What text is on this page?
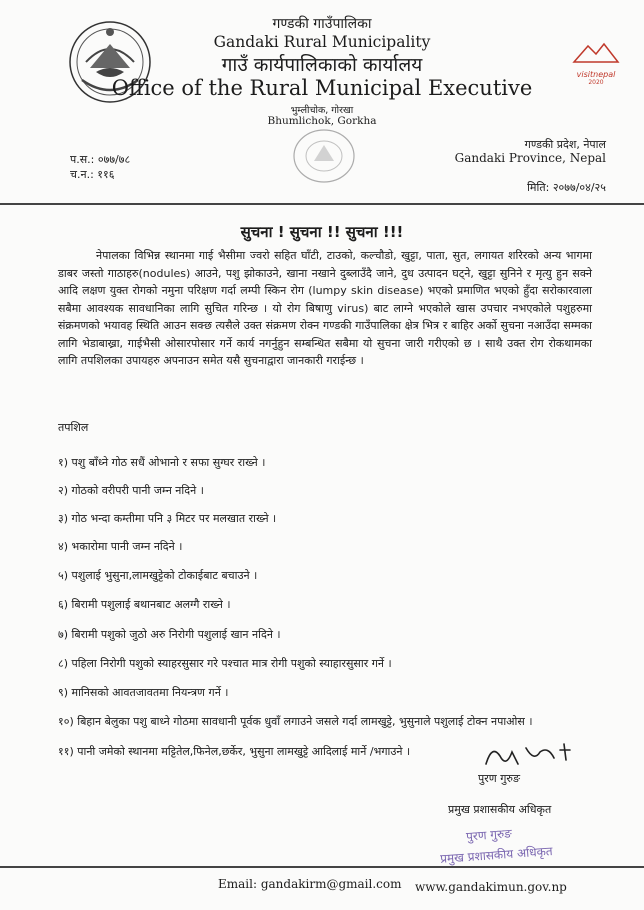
visitnepal
2020
गण्डकी गाउँपालिका
Gandaki Rural Municipality
गाउँ कार्यपालिकाको कार्यालय
Office of the Rural Municipal Executive
भुम्लीचोक, गोरखा
Bhumlichok, Gorkha
प.स.: ०७७/७८
च.न.: ११६
गण्डकी प्रदेश, नेपाल
Gandaki Province, Nepal
मिति: २०७७/०४/२५
सुचना ! सुचना !! सुचना !!!
नेपालका विभिन्न स्थानमा गाई भैसीमा ज्वरो सहित घाँटी, टाउको, कल्चौडो, खुट्टा, पाता, सुत, लगायत शरिरको अन्य भागमा डाबर जस्तो गाठाहरु(nodules) आउने, पशु झोकाउने, खाना नखाने दुब्लाउँदै जाने, दुध उत्पादन घट्ने, खुट्टा सुनिने र मृत्यु हुन सक्ने आदि लक्षण युक्त रोगको नमुना परिक्षण गर्दा लम्पी स्किन रोग (lumpy skin disease) भएको प्रमाणित भएको हुँदा सरोकारवाला सबैमा आवश्यक सावधानिका लागि सुचित गरिन्छ । यो रोग बिषाणु virus) बाट लाग्ने भएकोले खास उपचार नभएकोले पशुहरुमा संक्रमणको भयावह स्थिति आउन सक्छ त्यसैले उक्त संक्रमण रोक्न गण्डकी गाउँपालिका क्षेत्र भित्र र बाहिर अर्को सुचना नआउँदा सम्मका लागि भेडाबाख्रा, गाईभैसी ओसारपोसार गर्ने कार्य नगर्नुहुन सम्बन्धित सबैमा यो सुचना जारी गरीएको छ । साथै उक्त रोग रोकथामका लागि तपशिलका उपायहरु अपनाउन समेत यसै सुचनाद्वारा जानकारी गराईन्छ ।
तपशिल
१) पशु बाँध्ने गोठ सधैं ओभानो र सफा सुग्घर राख्ने ।
२) गोठको वरीपरी पानी जम्न नदिने ।
३) गोठ भन्दा कम्तीमा पनि ३ मिटर पर मलखात राख्ने ।
४) भकारोमा पानी जम्न नदिने ।
५) पशुलाई भुसुना,लामखुट्टेको टोकाईबाट बचाउने ।
६) बिरामी पशुलाई बथानबाट अलग्गै राख्ने ।
७) बिरामी पशुको जुठो अरु निरोगी पशुलाई खान नदिने ।
८) पहिला निरोगी पशुको स्याहरसुसार गरे पश्चात मात्र रोगी पशुको स्याहारसुसार गर्ने ।
९) मानिसको आवतजावतमा नियन्त्रण गर्ने ।
१०) बिहान बेलुका पशु बाध्ने गोठमा सावधानी पूर्वक धुवाँ लगाउने जसले गर्दा लामखुट्टे, भुसुनाले पशुलाई टोक्न नपाओस ।
११) पानी जमेको स्थानमा मट्टितेल,फिनेल,छर्केर, भुसुना लामखुट्टे आदिलाई मार्ने /भगाउने ।
पुरण गुरुङ
प्रमुख प्रशासकीय अधिकृत
पुरण गुरुङ
प्रमुख प्रशासकीय अधिकृत
Email: gandakirm@gmail.com www.gandakimun.gov.np
